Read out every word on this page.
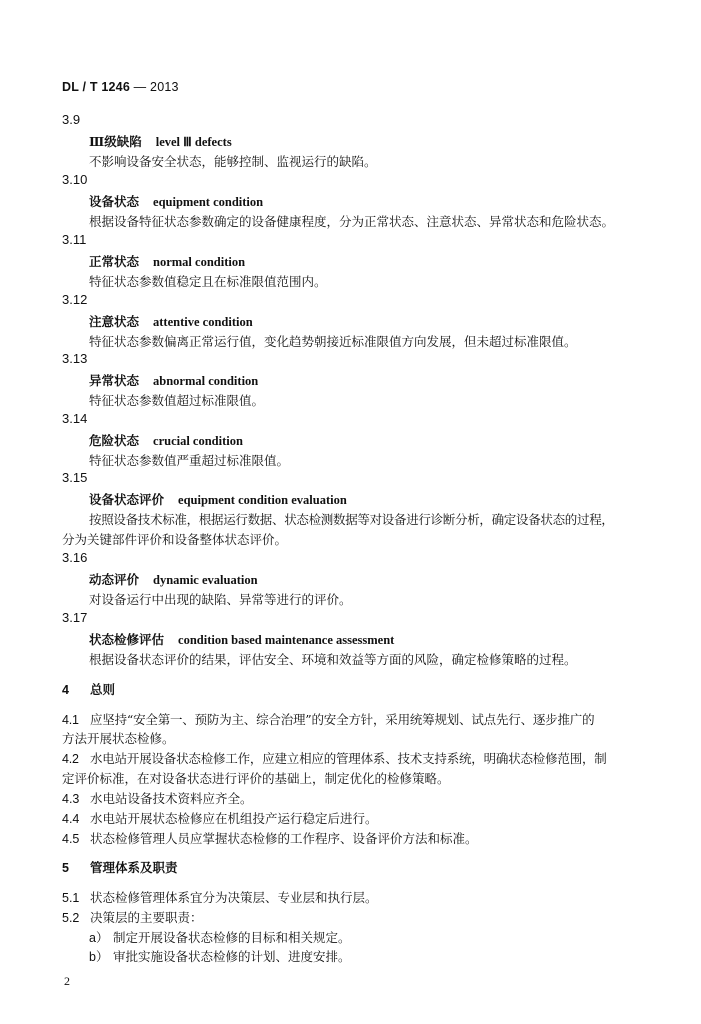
DL / T 1246 — 2013
3.9
Ⅲ级缺陷 level Ⅲ defects
不影响设备安全状态，能够控制、监视运行的缺陷。
3.10
设备状态 equipment condition
根据设备特征状态参数确定的设备健康程度，分为正常状态、注意状态、异常状态和危险状态。
3.11
正常状态 normal condition
特征状态参数值稳定且在标准限值范围内。
3.12
注意状态 attentive condition
特征状态参数偏离正常运行值，变化趋势朝接近标准限值方向发展，但未超过标准限值。
3.13
异常状态 abnormal condition
特征状态参数值超过标准限值。
3.14
危险状态 crucial condition
特征状态参数值严重超过标准限值。
3.15
设备状态评价 equipment condition evaluation
按照设备技术标准，根据运行数据、状态检测数据等对设备进行诊断分析，确定设备状态的过程，
分为关键部件评价和设备整体状态评价。
3.16
动态评价 dynamic evaluation
对设备运行中出现的缺陷、异常等进行的评价。
3.17
状态检修评估 condition based maintenance assessment
根据设备状态评价的结果，评估安全、环境和效益等方面的风险，确定检修策略的过程。
4 总则
4.1 应坚持“安全第一、预防为主、综合治理”的安全方针，采用统筹规划、试点先行、逐步推广的
方法开展状态检修。
4.2 水电站开展设备状态检修工作，应建立相应的管理体系、技术支持系统，明确状态检修范围，制
定评价标准，在对设备状态进行评价的基础上，制定优化的检修策略。
4.3 水电站设备技术资料应齐全。
4.4 水电站开展状态检修应在机组投产运行稳定后进行。
4.5 状态检修管理人员应掌握状态检修的工作程序、设备评价方法和标准。
5 管理体系及职责
5.1 状态检修管理体系宜分为决策层、专业层和执行层。
5.2 决策层的主要职责：
a） 制定开展设备状态检修的目标和相关规定。
b） 审批实施设备状态检修的计划、进度安排。
2
